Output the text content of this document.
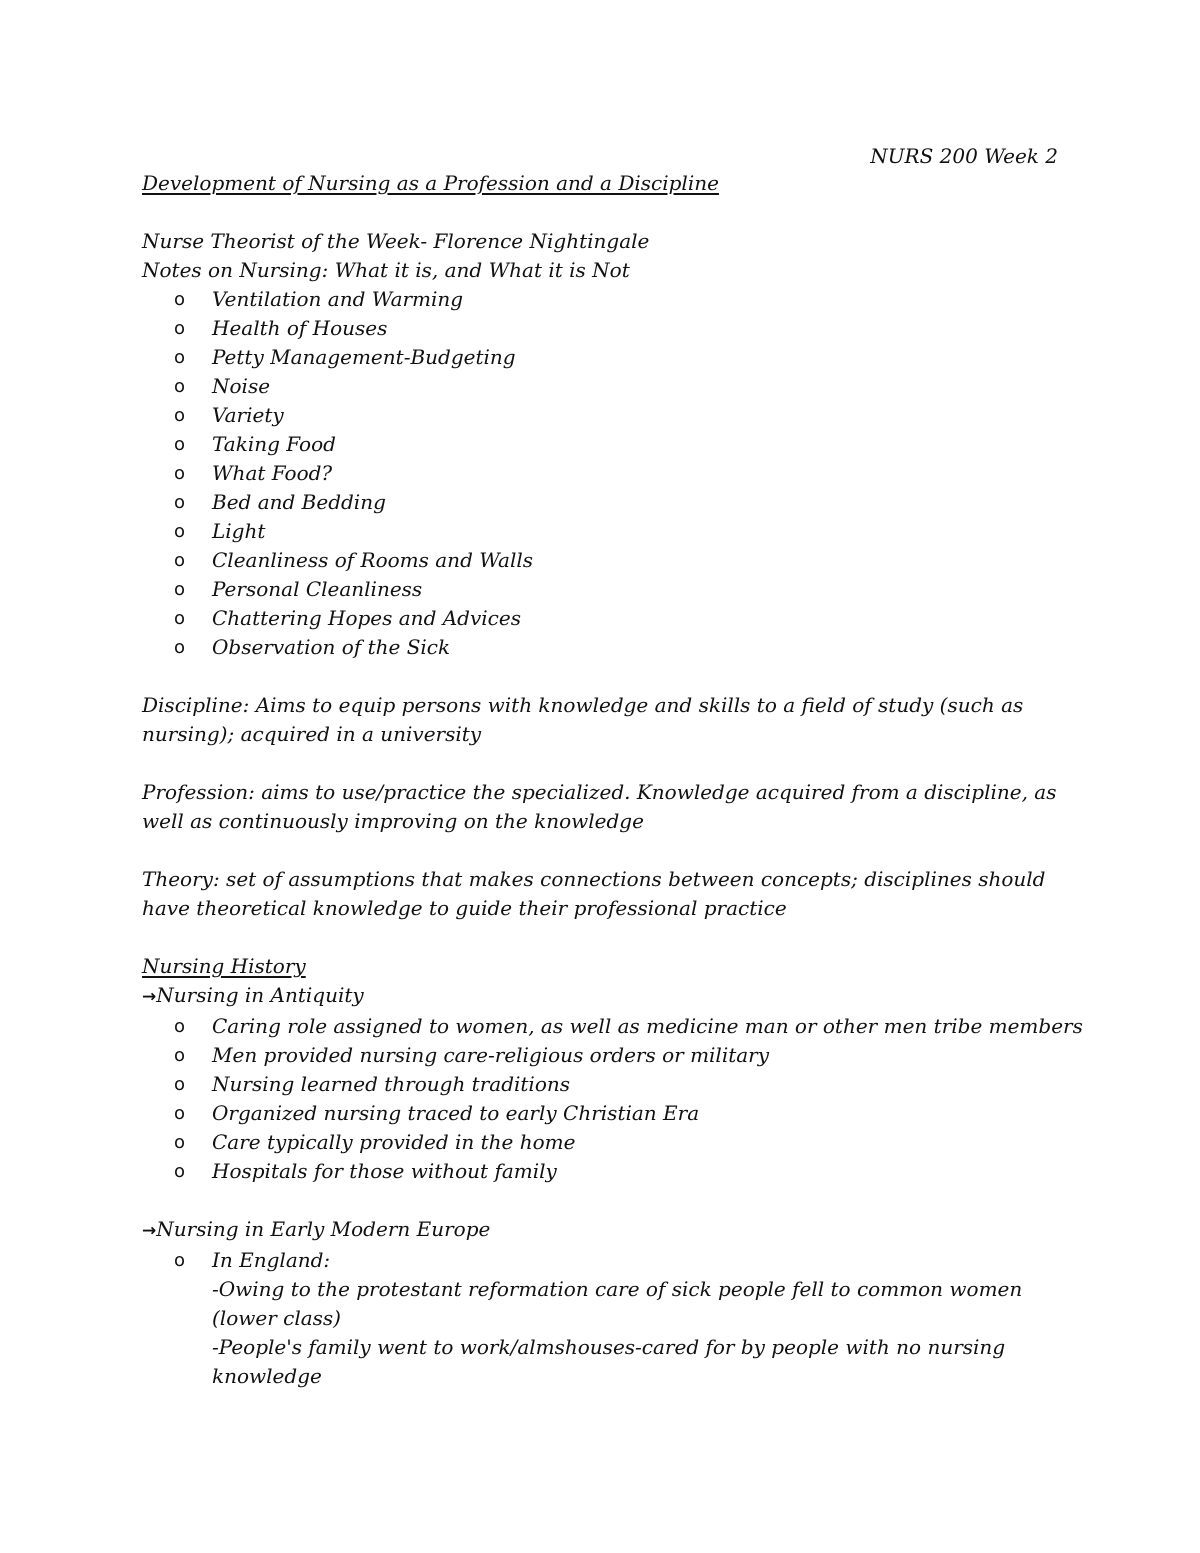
NURS 200 Week 2

Development of Nursing as a Profession and a Discipline

Nurse Theorist of the Week- Florence Nightingale

Notes on Nursing: What it is, and What it is Not

o Ventilation and Warming
o Health of Houses
o Petty Management-Budgeting
o Noise
o Variety
o Taking Food
o What Food?
o Bed and Bedding
o Light
o Cleanliness of Rooms and Walls
o Personal Cleanliness
o Chattering Hopes and Advices
o Observation of the Sick

Discipline: Aims to equip persons with knowledge and skills to a field of study (such as nursing); acquired in a university

Profession: aims to use/practice the specialized. Knowledge acquired from a discipline, as well as continuously improving on the knowledge

Theory: set of assumptions that makes connections between concepts; disciplines should have theoretical knowledge to guide their professional practice

Nursing History

→Nursing in Antiquity

o Caring role assigned to women, as well as medicine man or other men tribe members
o Men provided nursing care-religious orders or military
o Nursing learned through traditions
o Organized nursing traced to early Christian Era
o Care typically provided in the home
o Hospitals for those without family

→Nursing in Early Modern Europe

o In England:

-Owing to the protestant reformation care of sick people fell to common women (lower class)

-People's family went to work/almshouses-cared for by people with no nursing knowledge
